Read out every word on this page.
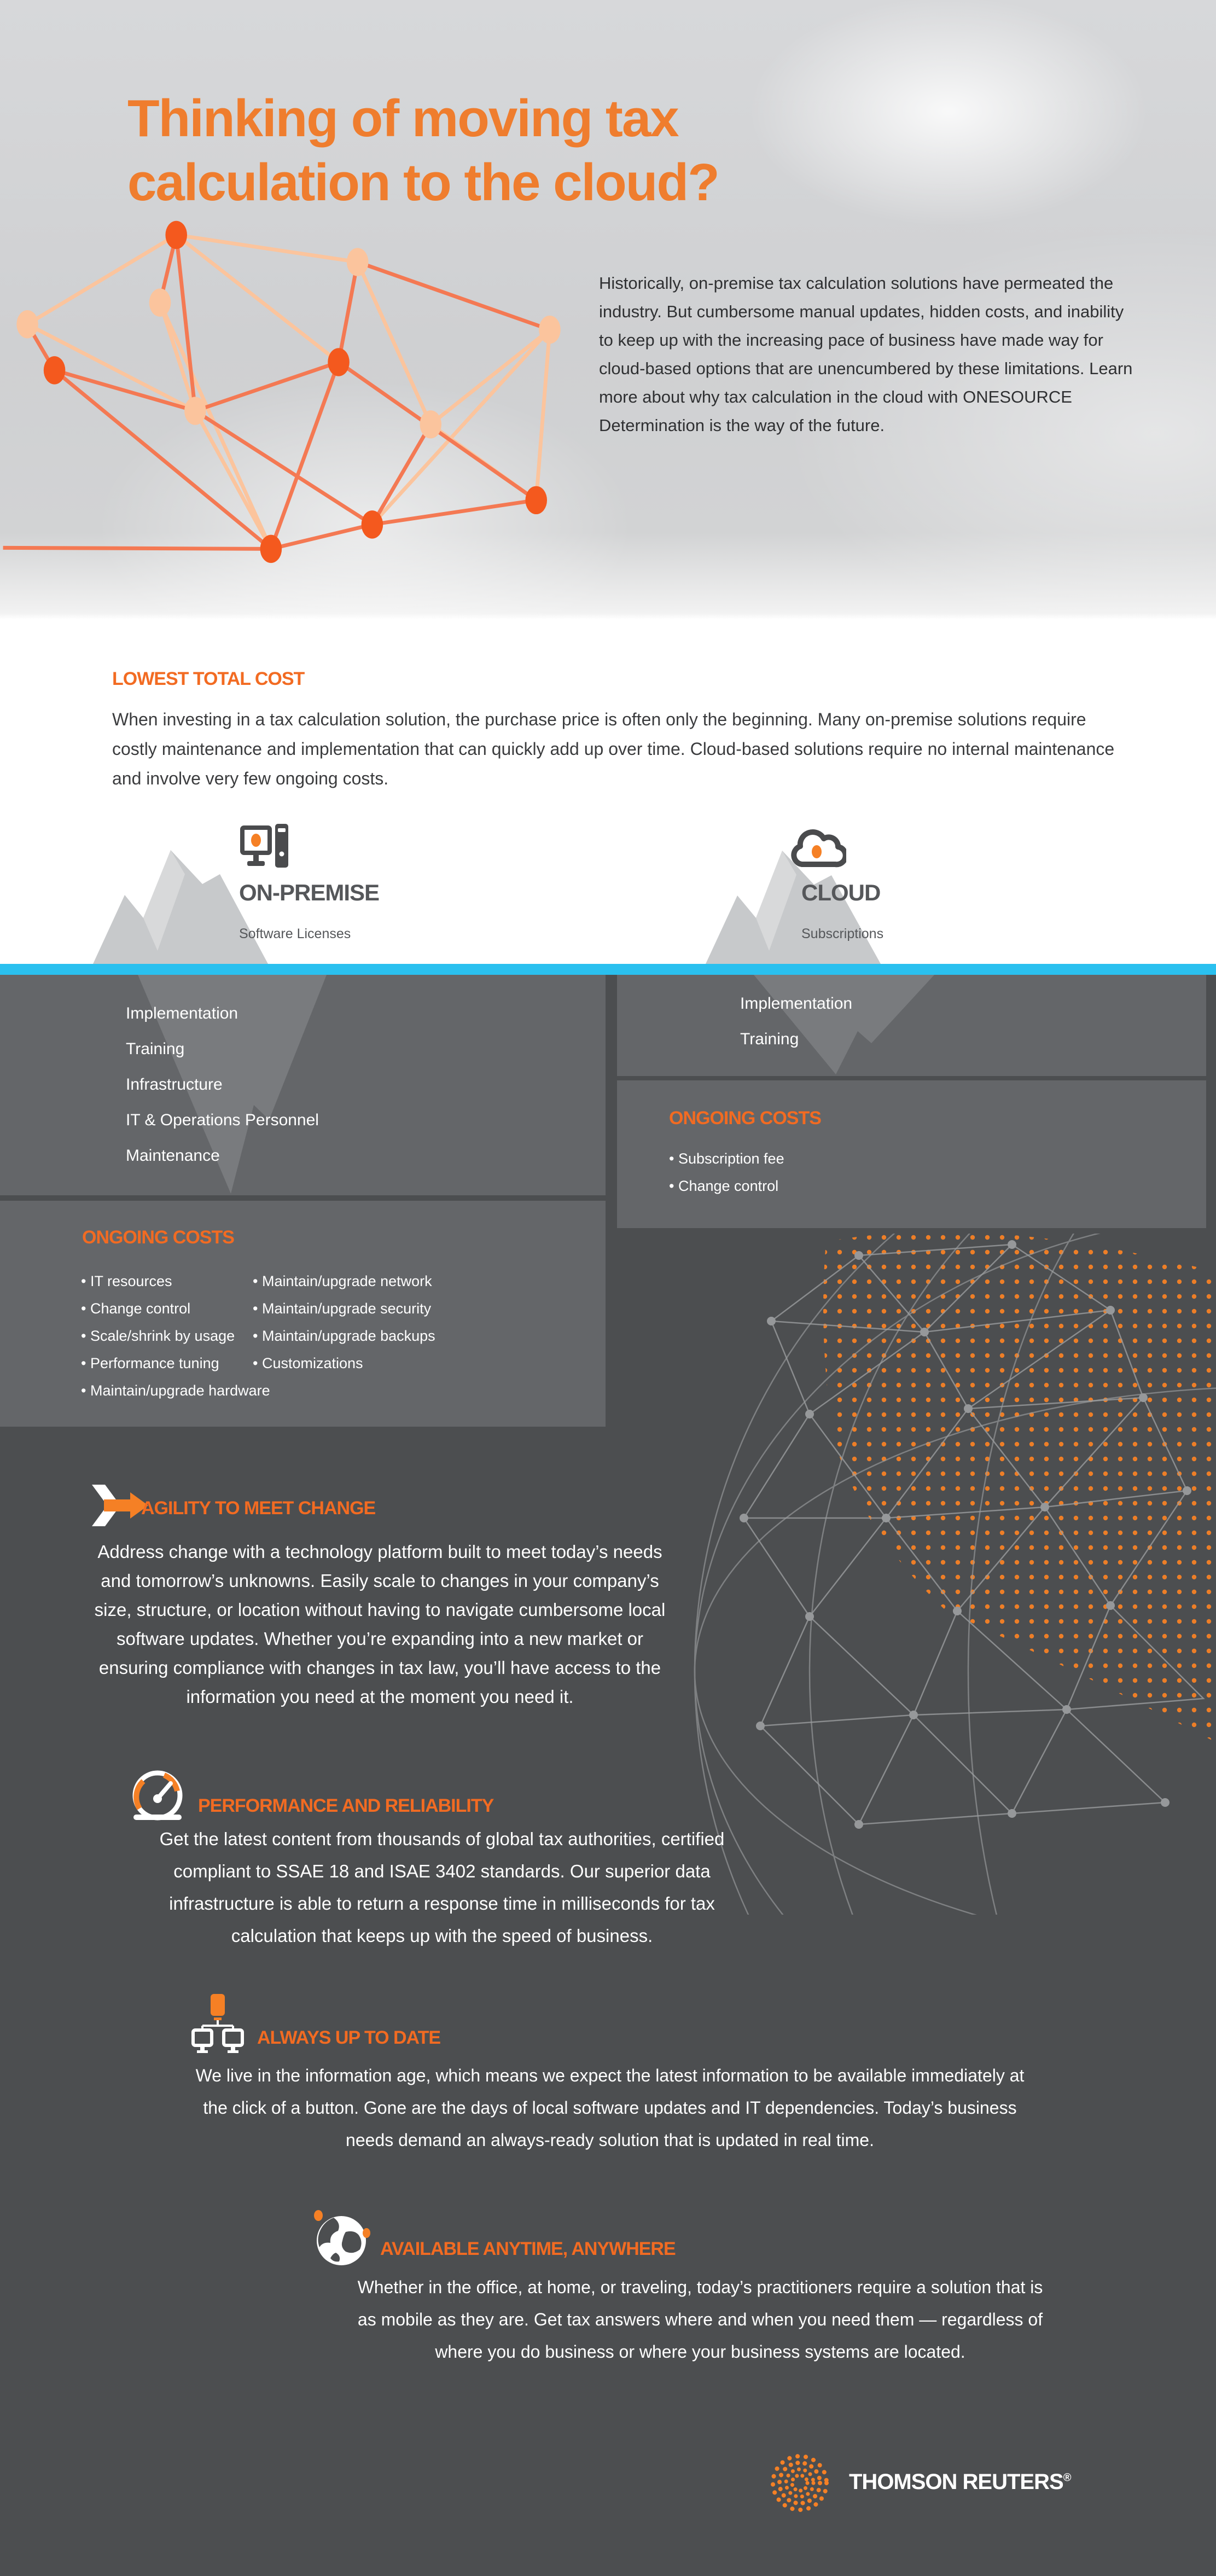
Thinking of moving tax calculation to the cloud?

Historically, on-premise tax calculation solutions have permeated the industry. But cumbersome manual updates, hidden costs, and inability to keep up with the increasing pace of business have made way for cloud-based options that are unencumbered by these limitations. Learn more about why tax calculation in the cloud with ONESOURCE Determination is the way of the future.

LOWEST TOTAL COST

When investing in a tax calculation solution, the purchase price is often only the beginning. Many on-premise solutions require costly maintenance and implementation that can quickly add up over time. Cloud-based solutions require no internal maintenance and involve very few ongoing costs.

ON-PREMISE
Software Licenses
CLOUD
Subscriptions
Implementation
Training
Infrastructure
IT & Operations Personnel
Maintenance
Implementation
Training
ONGOING COSTS
• IT resources
• Change control
• Scale/shrink by usage
• Performance tuning
• Maintain/upgrade hardware
• Maintain/upgrade network
• Maintain/upgrade security
• Maintain/upgrade backups
• Customizations
ONGOING COSTS
• Subscription fee
• Change control
AGILITY TO MEET CHANGE

Address change with a technology platform built to meet today’s needs and tomorrow’s unknowns. Easily scale to changes in your company’s size, structure, or location without having to navigate cumbersome local software updates. Whether you’re expanding into a new market or ensuring compliance with changes in tax law, you’ll have access to the information you need at the moment you need it.

PERFORMANCE AND RELIABILITY

Get the latest content from thousands of global tax authorities, certified compliant to SSAE 18 and ISAE 3402 standards. Our superior data infrastructure is able to return a response time in milliseconds for tax calculation that keeps up with the speed of business.

ALWAYS UP TO DATE

We live in the information age, which means we expect the latest information to be available immediately at the click of a button. Gone are the days of local software updates and IT dependencies. Today’s business needs demand an always-ready solution that is updated in real time.

AVAILABLE ANYTIME, ANYWHERE

Whether in the office, at home, or traveling, today’s practitioners require a solution that is as mobile as they are. Get tax answers where and when you need them — regardless of where you do business or where your business systems are located.

THOMSON REUTERS®
